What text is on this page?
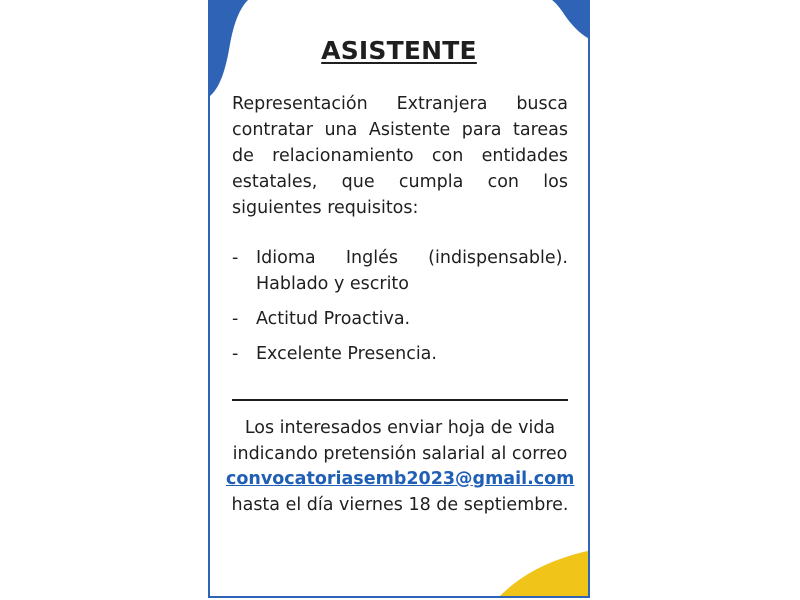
ASISTENTE
Representación Extranjera busca contratar una Asistente para tareas de relacionamiento con entidades estatales, que cumpla con los siguientes requisitos:
- Idioma Inglés (indispensable). Hablado y escrito
- Actitud Proactiva.
- Excelente Presencia.
Los interesados enviar hoja de vida indicando pretensión salarial al correo
convocatoriasemb2023@gmail.com
hasta el día viernes 18 de septiembre.
